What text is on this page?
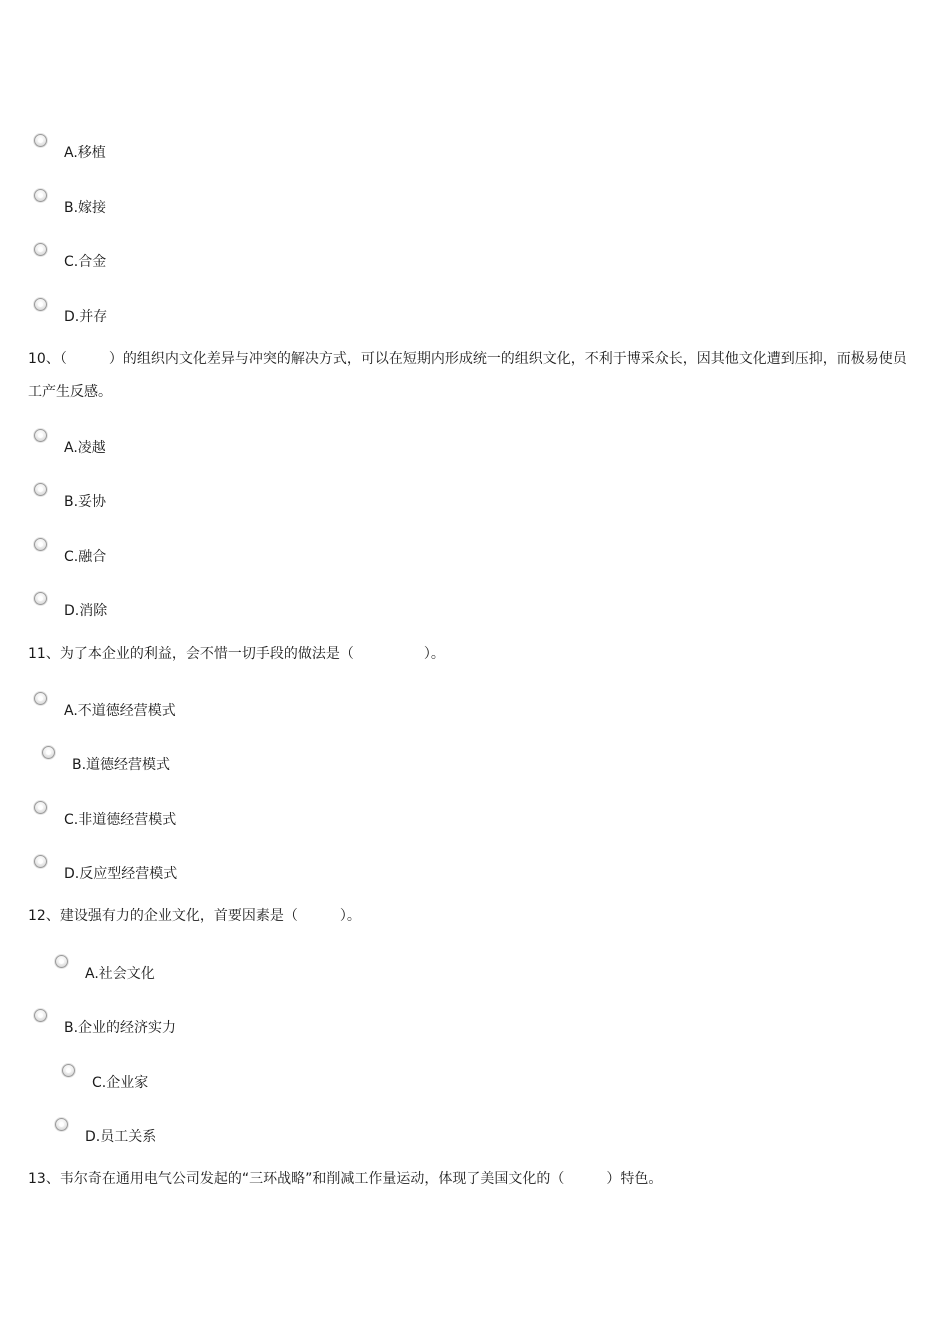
A.移植
B.嫁接
C.合金
D.并存

10、（　　　）的组织内文化差异与冲突的解决方式，可以在短期内形成统一的组织文化，不利于博采众长，因其他文化遭到压抑，而极易使员

工产生反感。

A.凌越
B.妥协
C.融合
D.消除

11、为了本企业的利益，会不惜一切手段的做法是（　　　　　）。

A.不道德经营模式
B.道德经营模式
C.非道德经营模式
D.反应型经营模式

12、建设强有力的企业文化，首要因素是（　　　）。

A.社会文化
B.企业的经济实力
C.企业家
D.员工关系

13、韦尔奇在通用电气公司发起的“三环战略”和削减工作量运动，体现了美国文化的（　　　）特色。
